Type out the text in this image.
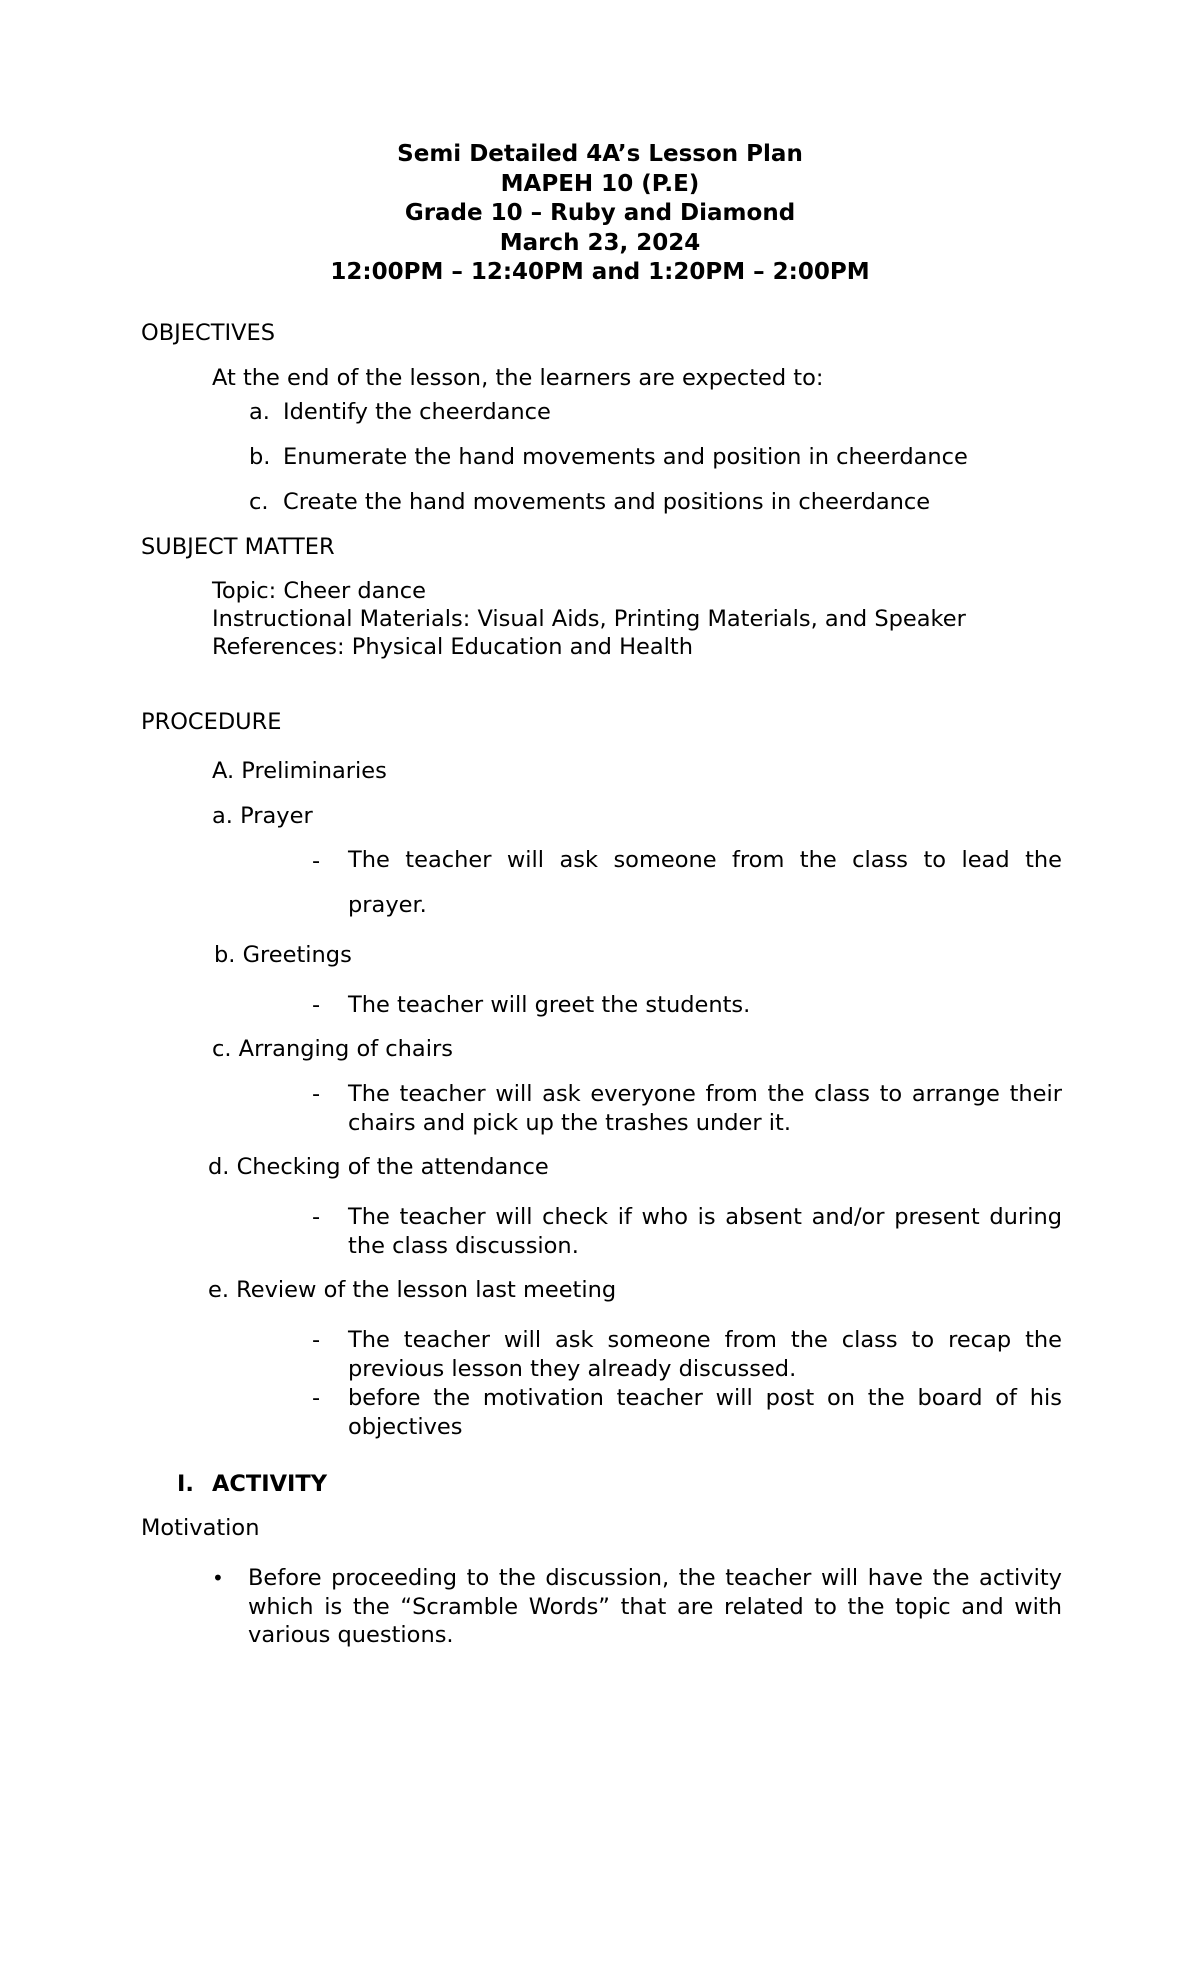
Semi Detailed 4A’s Lesson Plan
MAPEH 10 (P.E)
Grade 10 – Ruby and Diamond
March 23, 2024
12:00PM – 12:40PM and 1:20PM – 2:00PM
OBJECTIVES
At the end of the lesson, the learners are expected to:
a. Identify the cheerdance
b. Enumerate the hand movements and position in cheerdance
c. Create the hand movements and positions in cheerdance
SUBJECT MATTER
Topic: Cheer dance
Instructional Materials: Visual Aids, Printing Materials, and Speaker
References: Physical Education and Health
PROCEDURE
A. Preliminaries
a. Prayer
- The teacher will ask someone from the class to lead the prayer.
b. Greetings
- The teacher will greet the students.
c. Arranging of chairs
- The teacher will ask everyone from the class to arrange their chairs and pick up the trashes under it.
d. Checking of the attendance
- The teacher will check if who is absent and/or present during the class discussion.
e. Review of the lesson last meeting
- The teacher will ask someone from the class to recap the previous lesson they already discussed.
- before the motivation teacher will post on the board of his objectives
I. ACTIVITY
Motivation
• Before proceeding to the discussion, the teacher will have the activity which is the “Scramble Words” that are related to the topic and with various questions.
